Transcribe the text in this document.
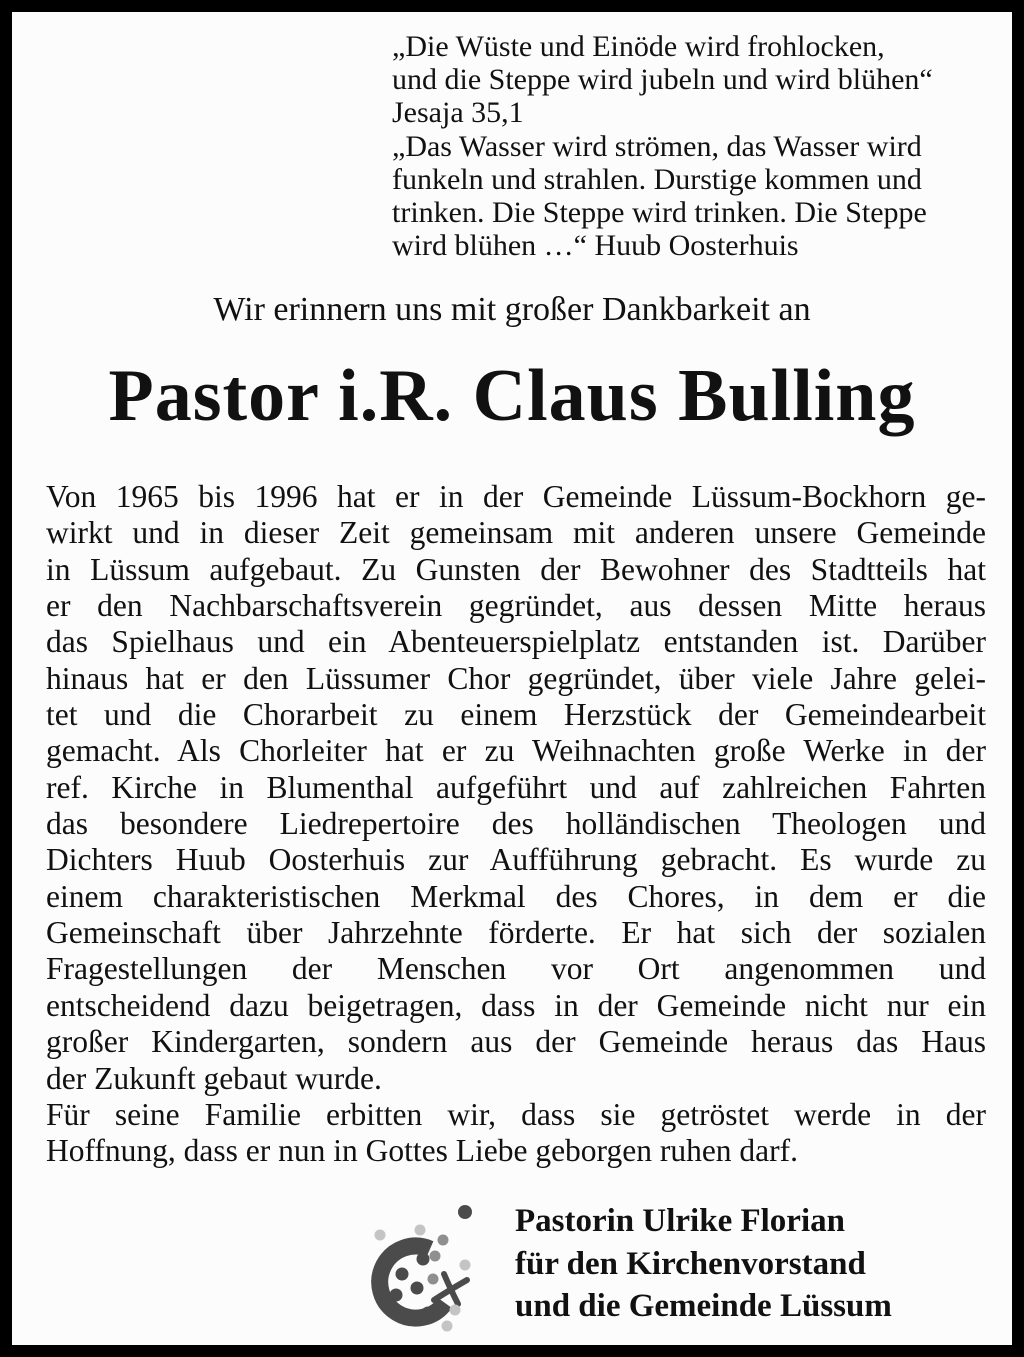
„Die Wüste und Einöde wird frohlocken,
und die Steppe wird jubeln und wird blühen“
Jesaja 35,1
„Das Wasser wird strömen, das Wasser wird
funkeln und strahlen. Durstige kommen und
trinken. Die Steppe wird trinken. Die Steppe
wird blühen …“ Huub Oosterhuis
Wir erinnern uns mit großer Dankbarkeit an
Pastor i.R. Claus Bulling
Von 1965 bis 1996 hat er in der Gemeinde Lüssum-Bockhorn ge-
wirkt und in dieser Zeit gemeinsam mit anderen unsere Gemeinde
in Lüssum aufgebaut. Zu Gunsten der Bewohner des Stadtteils hat
er den Nachbarschaftsverein gegründet, aus dessen Mitte heraus
das Spielhaus und ein Abenteuerspielplatz entstanden ist. Darüber
hinaus hat er den Lüssumer Chor gegründet, über viele Jahre gelei-
tet und die Chorarbeit zu einem Herzstück der Gemeindearbeit
gemacht. Als Chorleiter hat er zu Weihnachten große Werke in der
ref. Kirche in Blumenthal aufgeführt und auf zahlreichen Fahrten
das besondere Liedrepertoire des holländischen Theologen und
Dichters Huub Oosterhuis zur Aufführung gebracht. Es wurde zu
einem charakteristischen Merkmal des Chores, in dem er die
Gemeinschaft über Jahrzehnte förderte. Er hat sich der sozialen
Fragestellungen der Menschen vor Ort angenommen und
entscheidend dazu beigetragen, dass in der Gemeinde nicht nur ein
großer Kindergarten, sondern aus der Gemeinde heraus das Haus
der Zukunft gebaut wurde.
Für seine Familie erbitten wir, dass sie getröstet werde in der
Hoffnung, dass er nun in Gottes Liebe geborgen ruhen darf.
Pastorin Ulrike Florian
für den Kirchenvorstand
und die Gemeinde Lüssum
